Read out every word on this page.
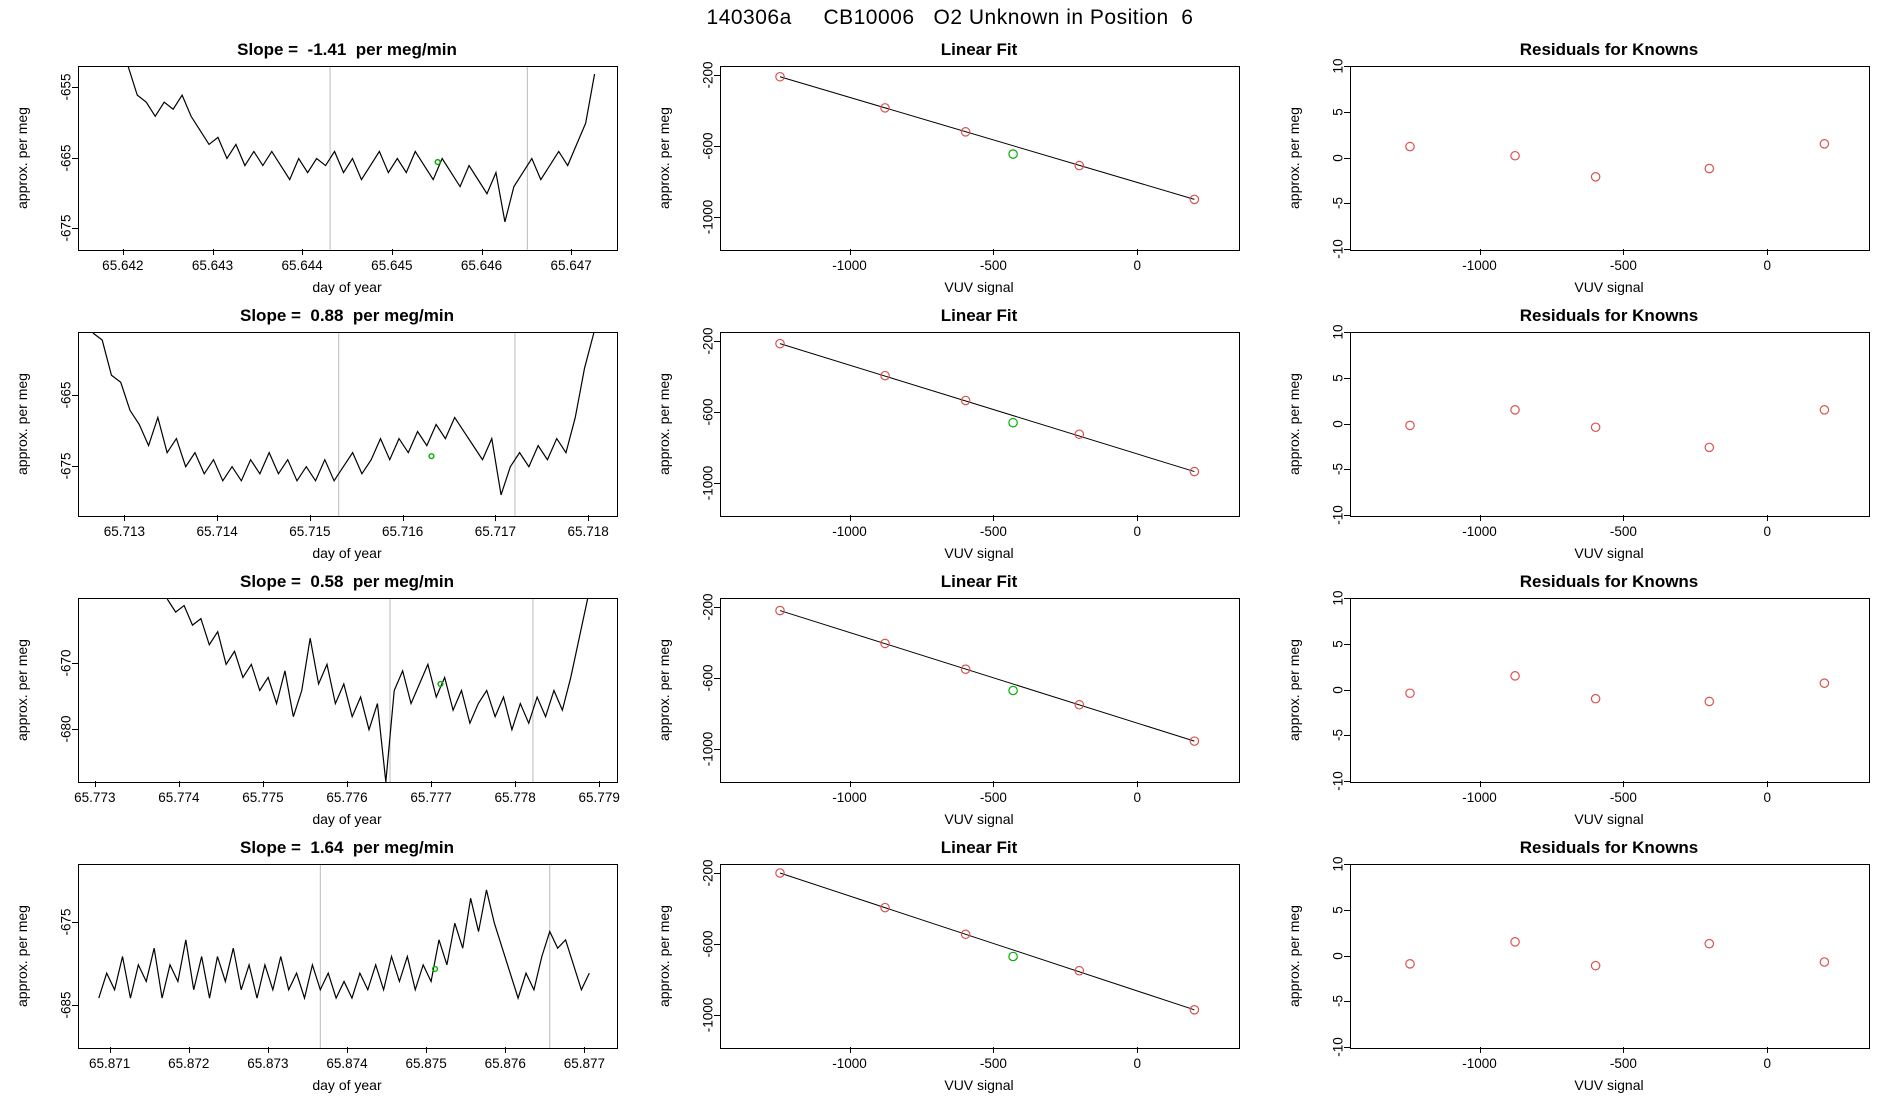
140306a     CB10006   O2 Unknown in Position  6
Slope =  -1.41  per meg/min
approx. per meg
day of year
65.642	65.643	65.644	65.645	65.646	65.647
-675
-665
-655
Linear Fit
approx. per meg
VUV signal
-1000	-500	0
-1000
-600
-200
Residuals for Knowns
approx. per meg
VUV signal
-1000	-500	0
-10
-5
0
5
10
Slope =  0.88  per meg/min
approx. per meg
day of year
65.713	65.714	65.715	65.716	65.717	65.718
-675
-665
Linear Fit
approx. per meg
VUV signal
-1000	-500	0
-1000
-600
-200
Residuals for Knowns
approx. per meg
VUV signal
-1000	-500	0
-10
-5
0
5
10
Slope =  0.58  per meg/min
approx. per meg
day of year
65.773	65.774	65.775	65.776	65.777	65.778	65.779
-680
-670
Linear Fit
approx. per meg
VUV signal
-1000	-500	0
-1000
-600
-200
Residuals for Knowns
approx. per meg
VUV signal
-1000	-500	0
-10
-5
0
5
10
Slope =  1.64  per meg/min
approx. per meg
day of year
65.871	65.872	65.873	65.874	65.875	65.876	65.877
-685
-675
Linear Fit
approx. per meg
VUV signal
-1000	-500	0
-1000
-600
-200
Residuals for Knowns
approx. per meg
VUV signal
-1000	-500	0
-10
-5
0
5
10
